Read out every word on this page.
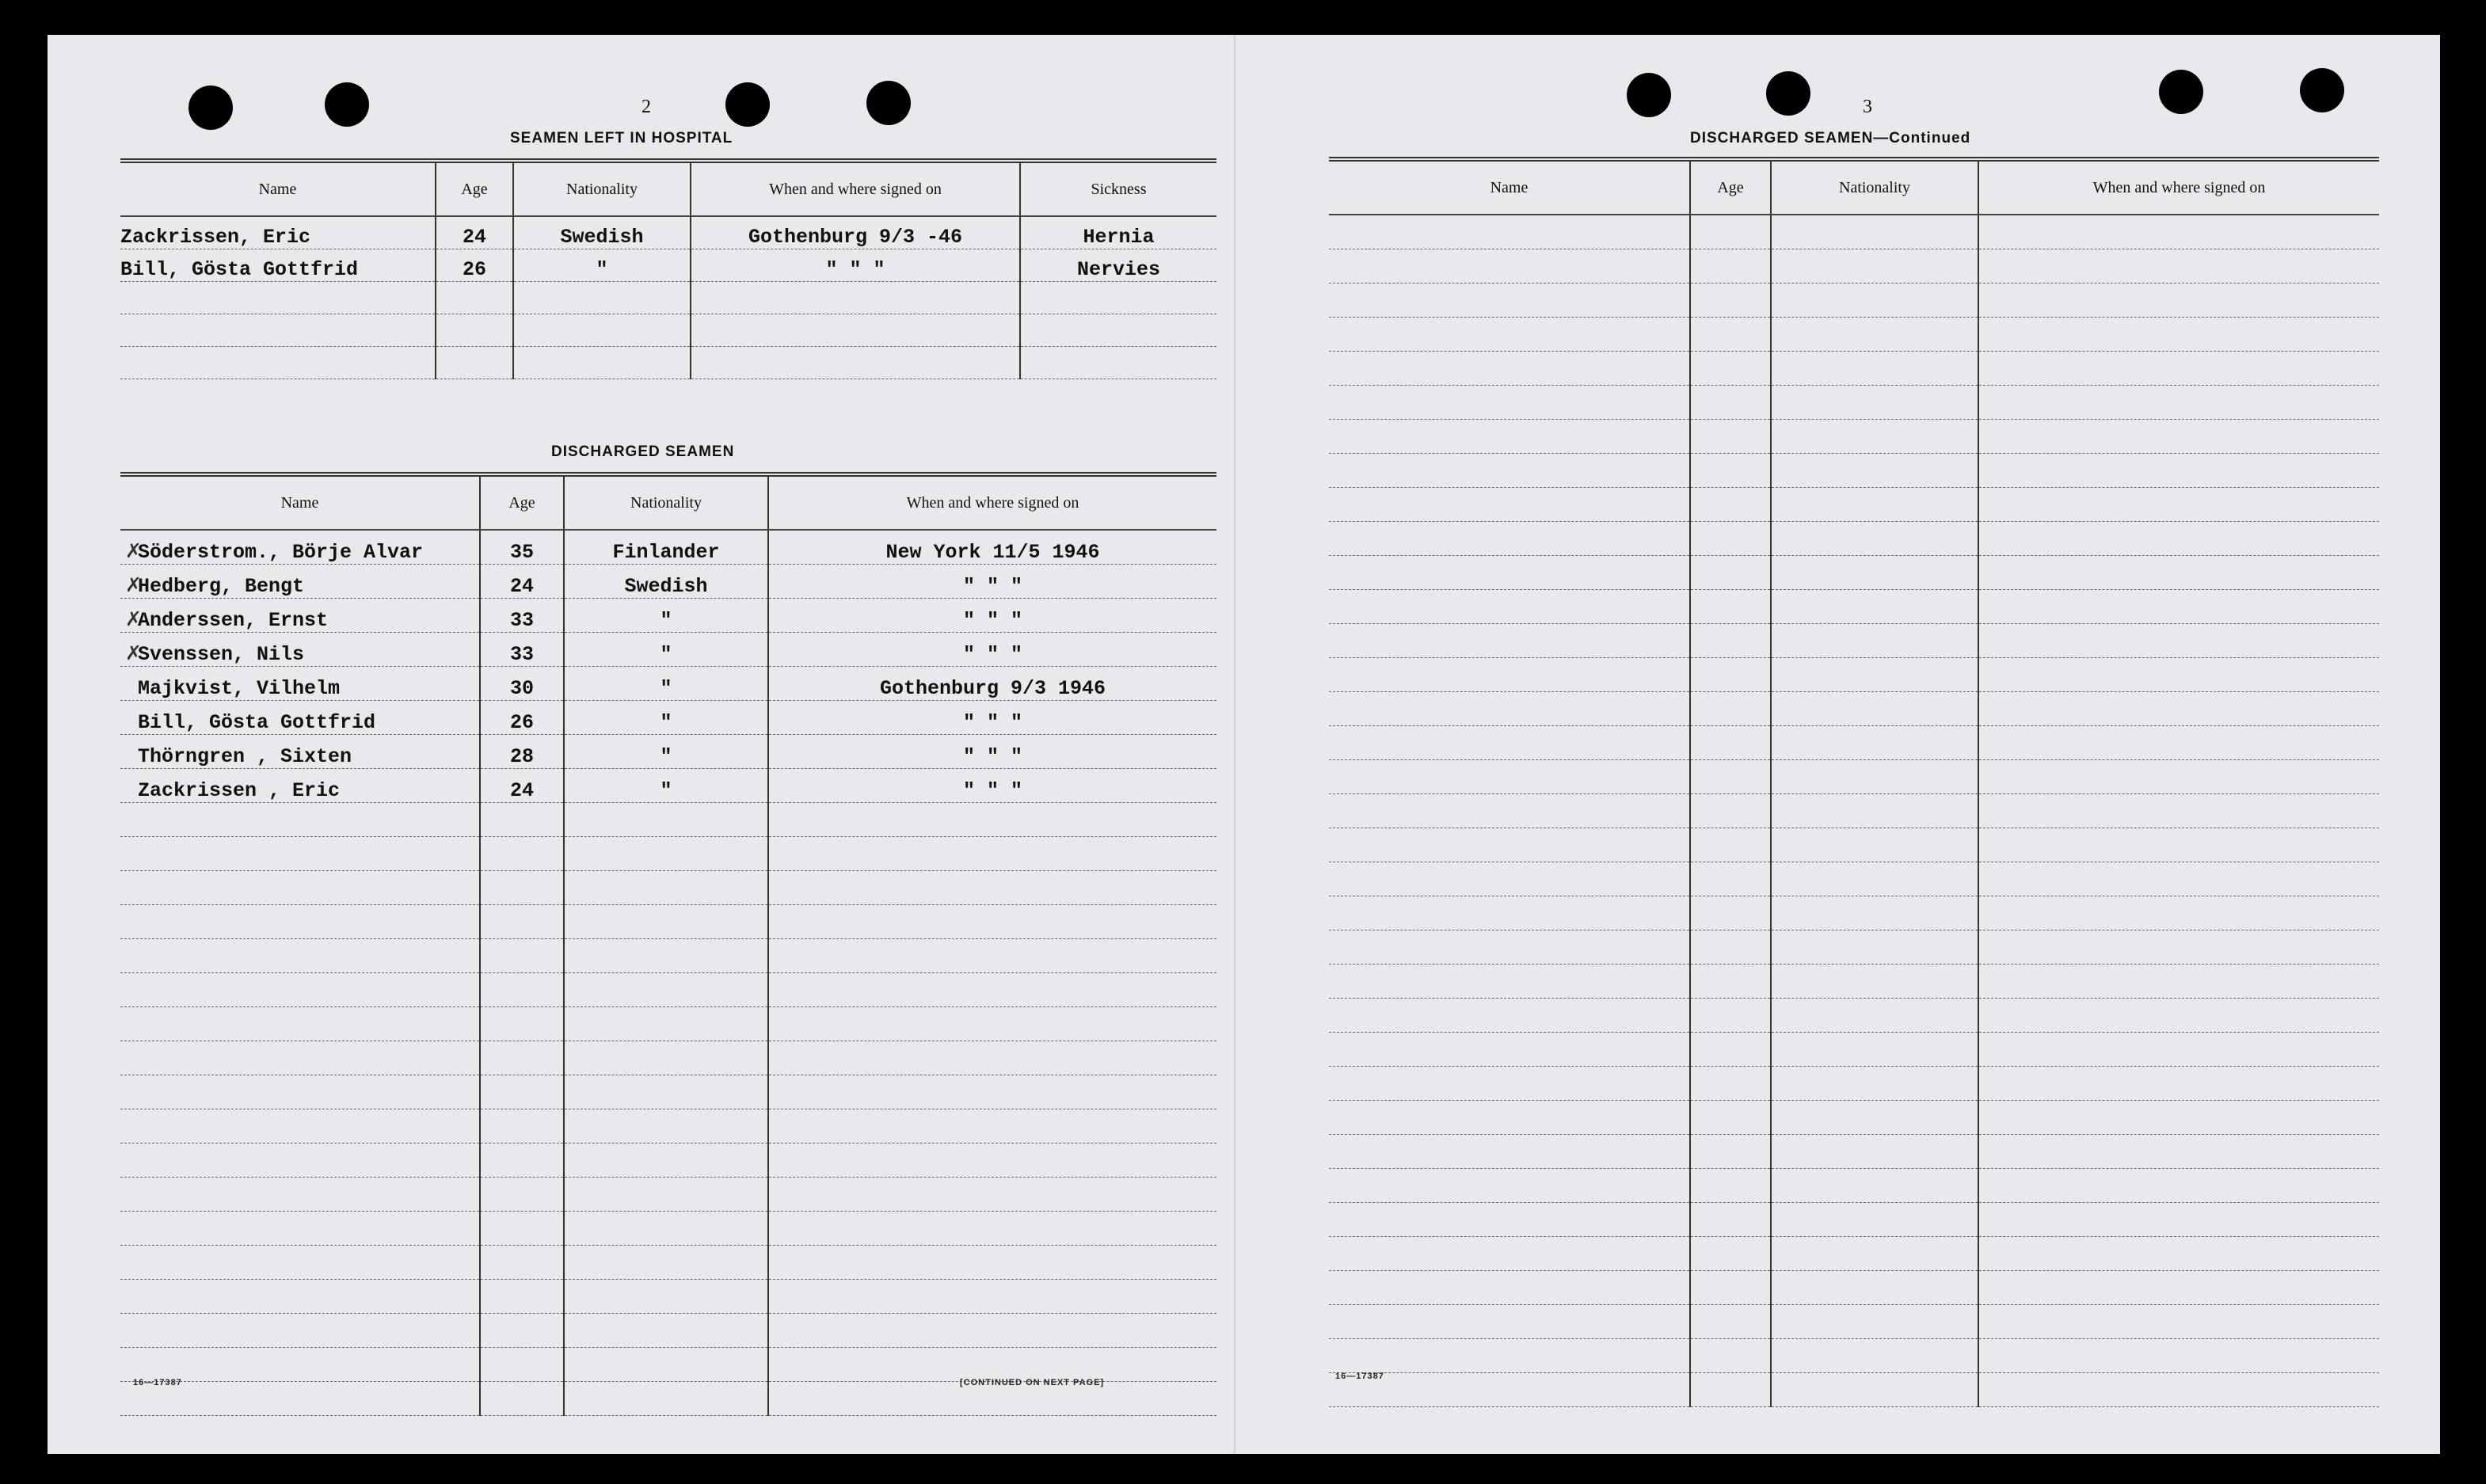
2
SEAMEN LEFT IN HOSPITAL
Name	Age	Nationality	When and where signed on	Sickness
Zackrissen, Eric	24	Swedish	Gothenburg 9/3 -46	Hernia
Bill, Gösta Gottfrid	26	"	" " "	Nervies

DISCHARGED SEAMEN
Name	Age	Nationality	When and where signed on
✗Söderstrom., Börje Alvar	35	Finlander	New York 11/5 1946
✗Hedberg, Bengt	24	Swedish	" " "
✗Anderssen, Ernst	33	"	" " "
✗Svenssen, Nils	33	"	" " "
Majkvist, Vilhelm	30	"	Gothenburg 9/3 1946
Bill, Gösta Gottfrid	26	"	" " "
Thörngren , Sixten	28	"	" " "
Zackrissen , Eric	24	"	" " "

16—17387	[CONTINUED ON NEXT PAGE]
3
DISCHARGED SEAMEN—Continued
Name	Age	Nationality	When and where signed on

16—17387
